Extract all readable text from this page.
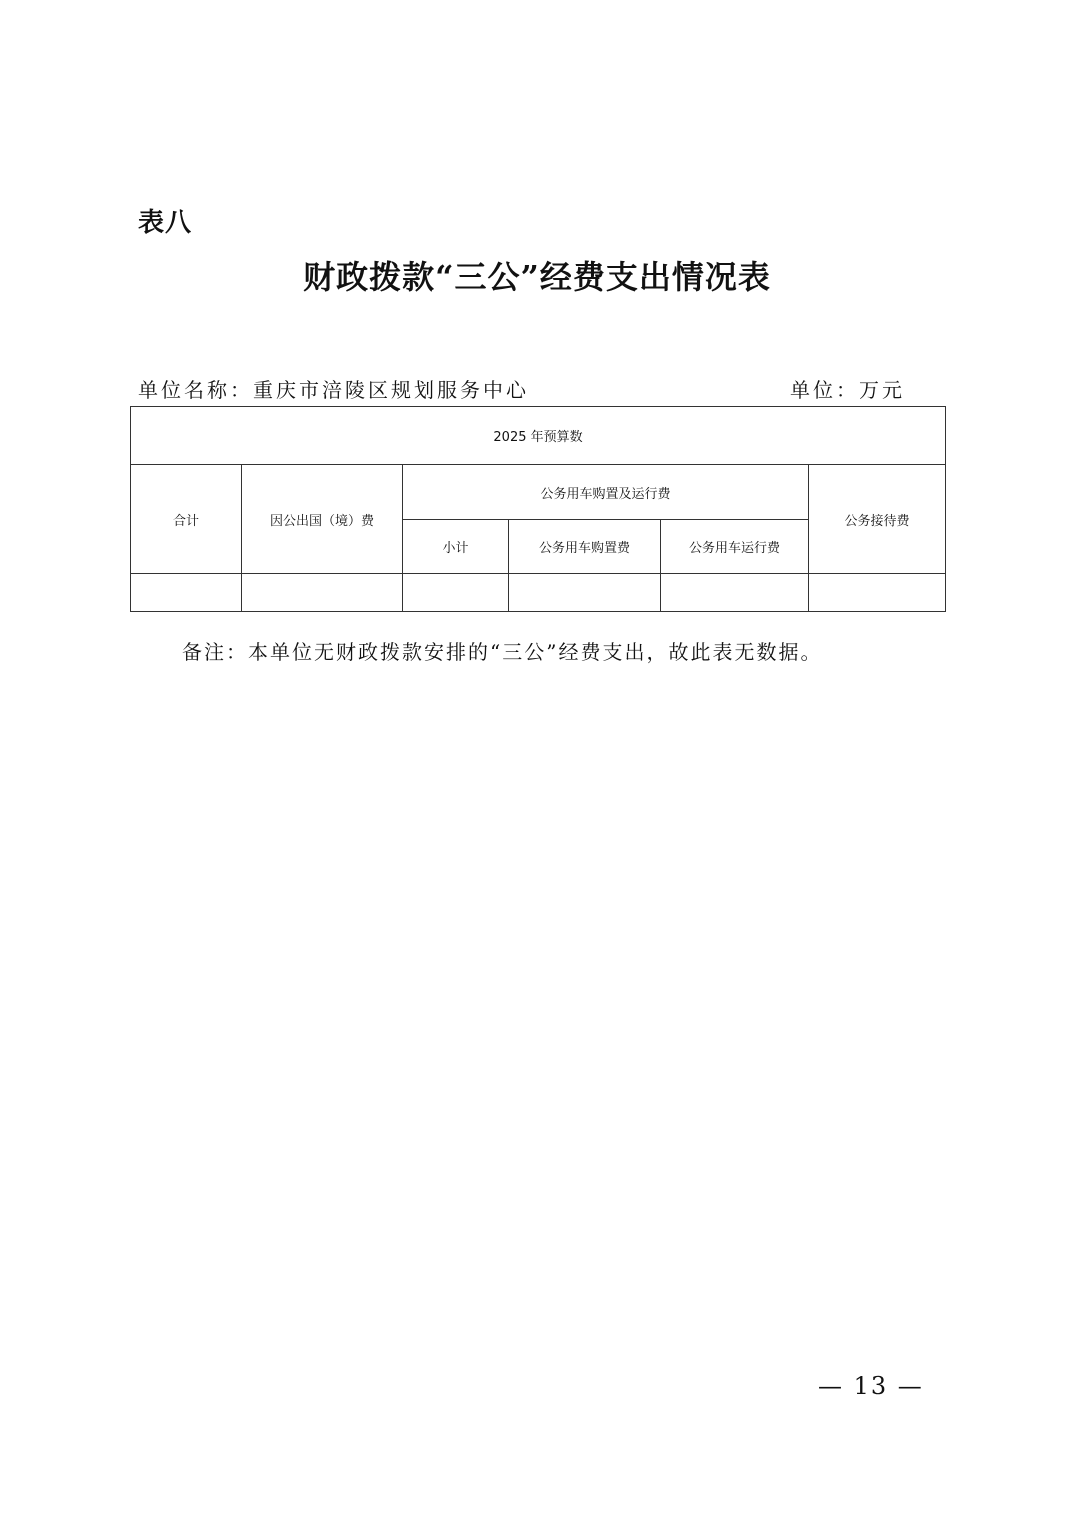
表八
财政拨款“三公”经费支出情况表
单位名称：重庆市涪陵区规划服务中心	单位：万元
2025 年预算数					
合计	因公出国（境）费	公务用车购置及运行费			公务接待费
		小计	公务用车购置费	公务用车运行费	

备注：本单位无财政拨款安排的“三公”经费支出，故此表无数据。
— 13 —
